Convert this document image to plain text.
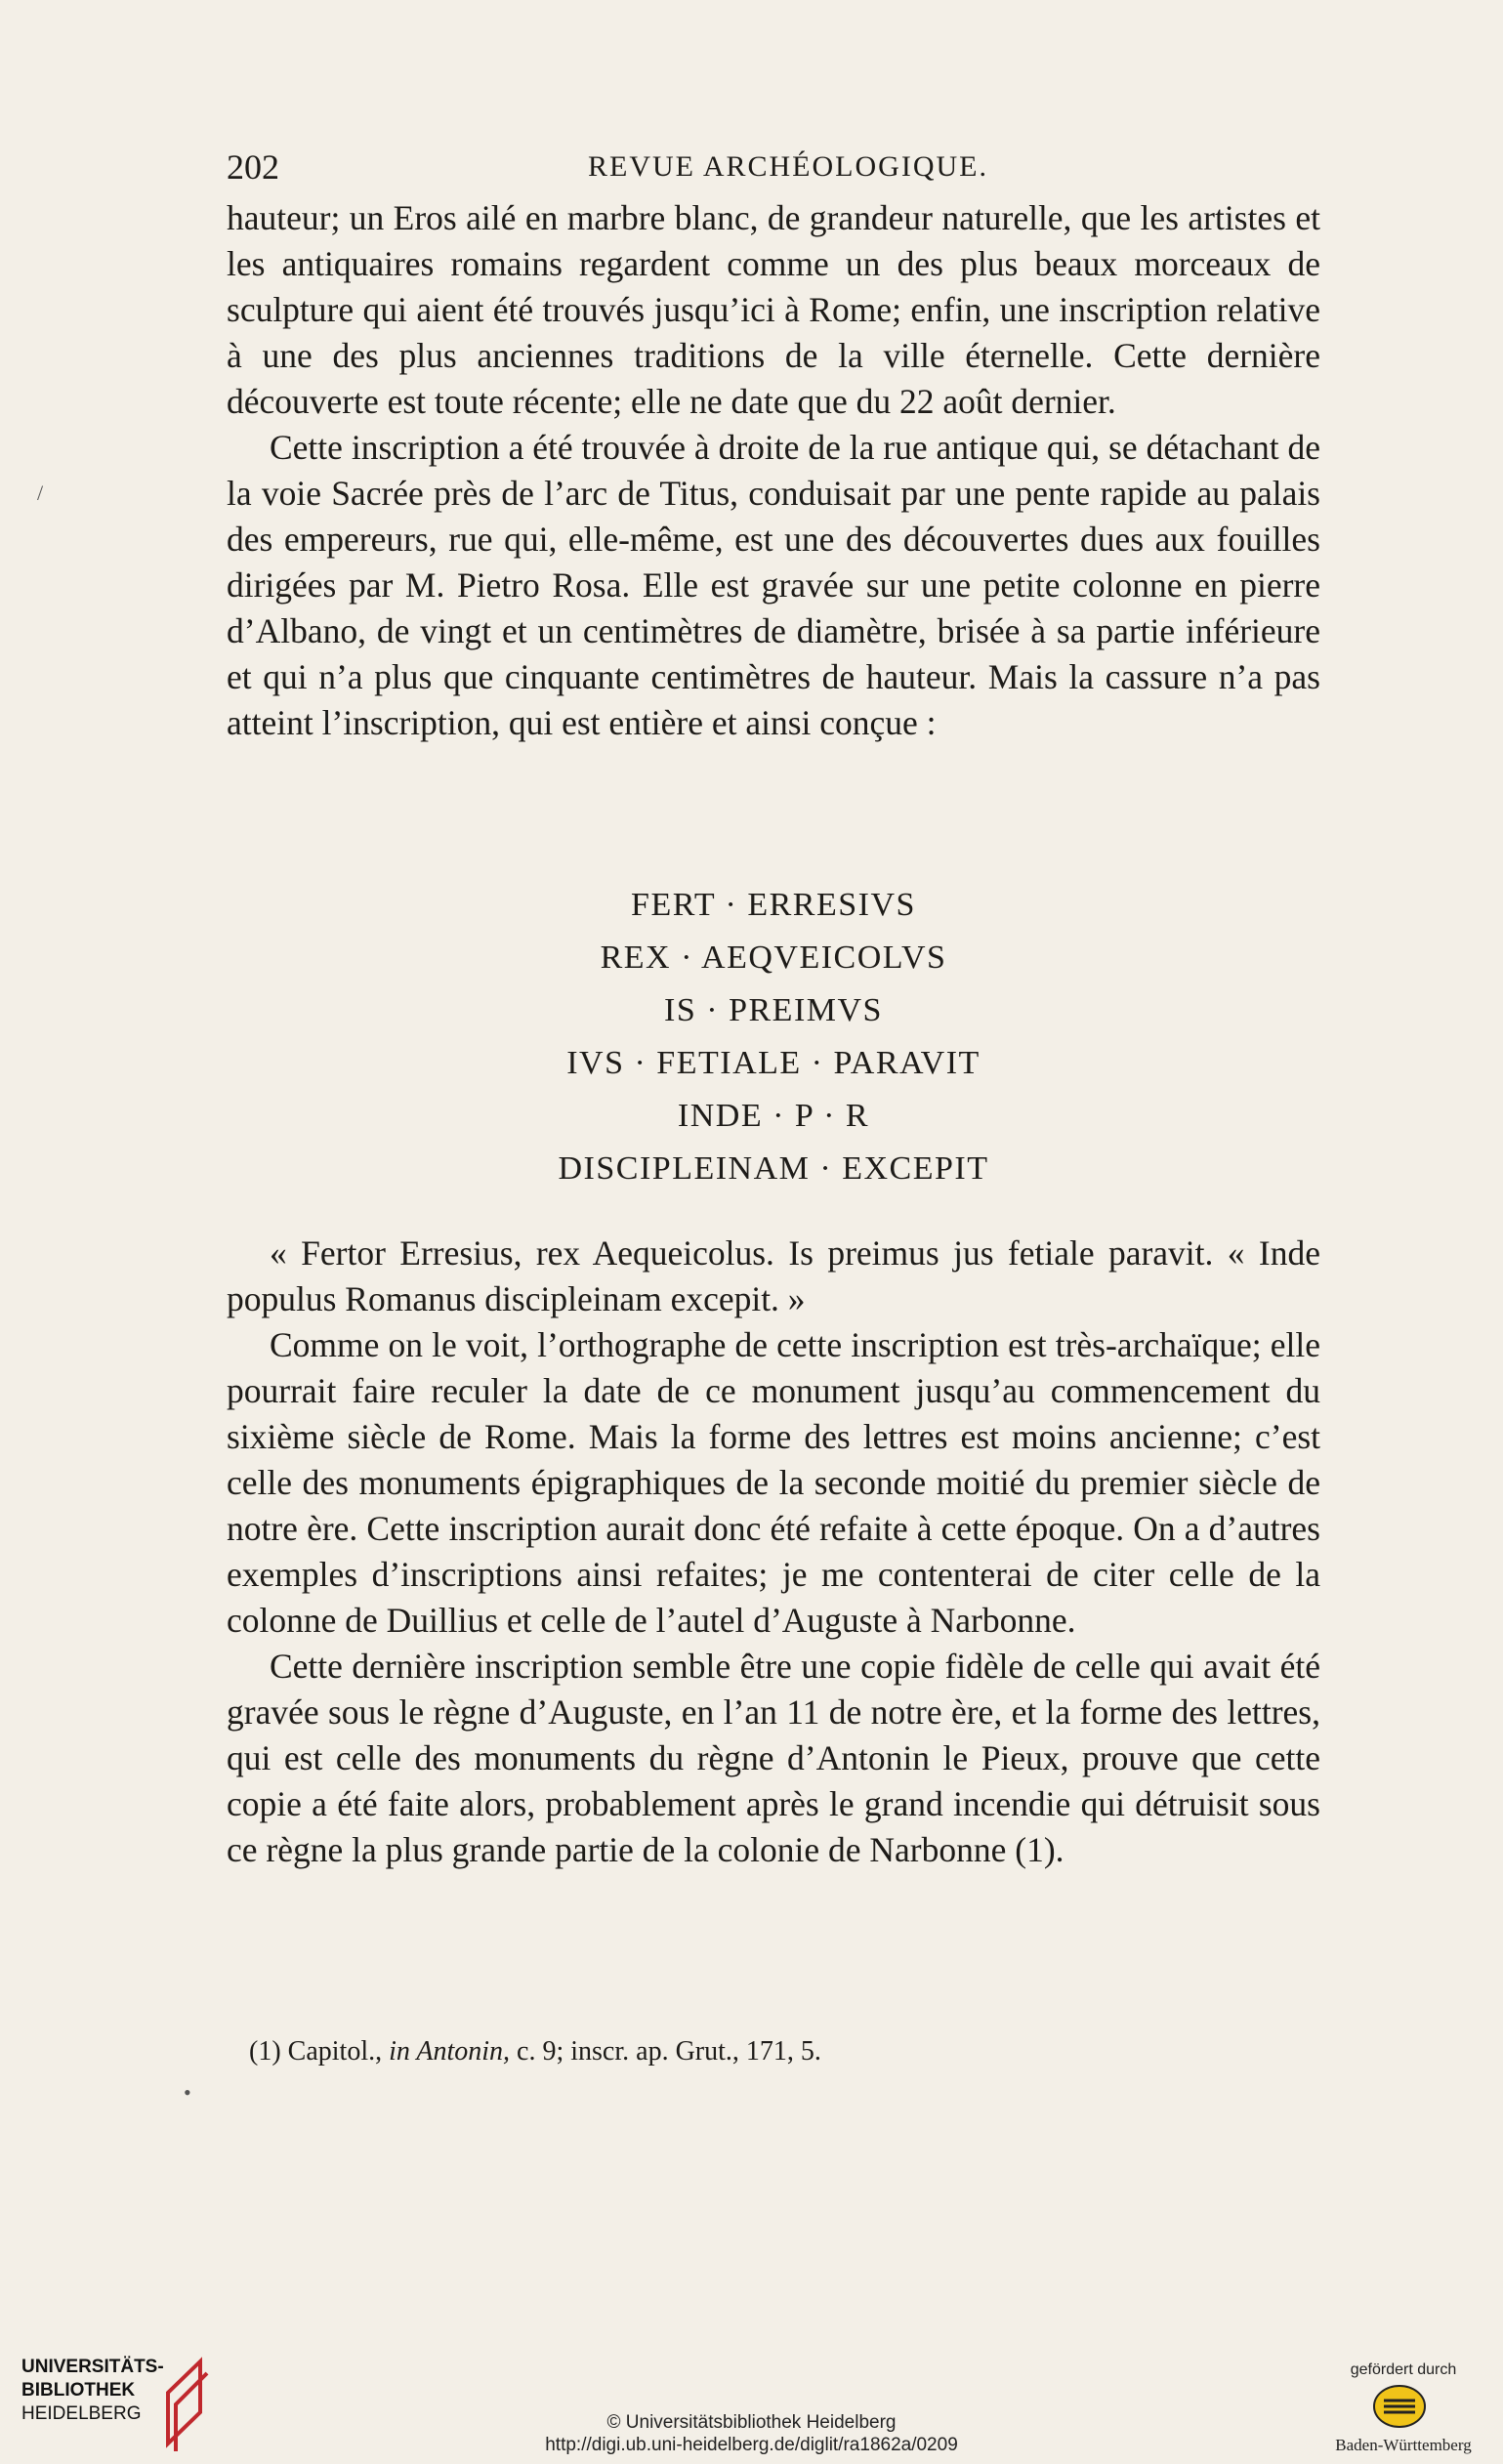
202	REVUE ARCHÉOLOGIQUE.

hauteur; un Eros ailé en marbre blanc, de grandeur naturelle, que les artistes et les antiquaires romains regardent comme un des plus beaux morceaux de sculpture qui aient été trouvés jusqu’ici à Rome; enfin, une inscription relative à une des plus anciennes traditions de la ville éternelle. Cette dernière découverte est toute récente; elle ne date que du 22 août dernier.

Cette inscription a été trouvée à droite de la rue antique qui, se détachant de la voie Sacrée près de l’arc de Titus, conduisait par une pente rapide au palais des empereurs, rue qui, elle-même, est une des découvertes dues aux fouilles dirigées par M. Pietro Rosa. Elle est gravée sur une petite colonne en pierre d’Albano, de vingt et un centimètres de diamètre, brisée à sa partie inférieure et qui n’a plus que cinquante centimètres de hauteur. Mais la cassure n’a pas atteint l’inscription, qui est entière et ainsi conçue :

FERT · ERRESIVS
REX · AEQVEICOLVS
IS · PREIMVS
IVS · FETIALE · PARAVIT
INDE · P · R
DISCIPLEINAM · EXCEPIT

« Fertor Erresius, rex Aequeicolus. Is preimus jus fetiale paravit. « Inde populus Romanus discipleinam excepit. »

Comme on le voit, l’orthographe de cette inscription est très-archaïque; elle pourrait faire reculer la date de ce monument jusqu’au commencement du sixième siècle de Rome. Mais la forme des lettres est moins ancienne; c’est celle des monuments épigraphiques de la seconde moitié du premier siècle de notre ère. Cette inscription aurait donc été refaite à cette époque. On a d’autres exemples d’inscriptions ainsi refaites; je me contenterai de citer celle de la colonne de Duillius et celle de l’autel d’Auguste à Narbonne.

Cette dernière inscription semble être une copie fidèle de celle qui avait été gravée sous le règne d’Auguste, en l’an 11 de notre ère, et la forme des lettres, qui est celle des monuments du règne d’Antonin le Pieux, prouve que cette copie a été faite alors, probablement après le grand incendie qui détruisit sous ce règne la plus grande partie de la colonie de Narbonne (1).

(1) Capitol., in Antonin, c. 9; inscr. ap. Grut., 171, 5.
/
•
UNIVERSITÄTS-
BIBLIOTHEK
HEIDELBERG	© Universitätsbibliothek Heidelberg
http://digi.ub.uni-heidelberg.de/diglit/ra1862a/0209
gefördert durch
Baden-Württemberg
